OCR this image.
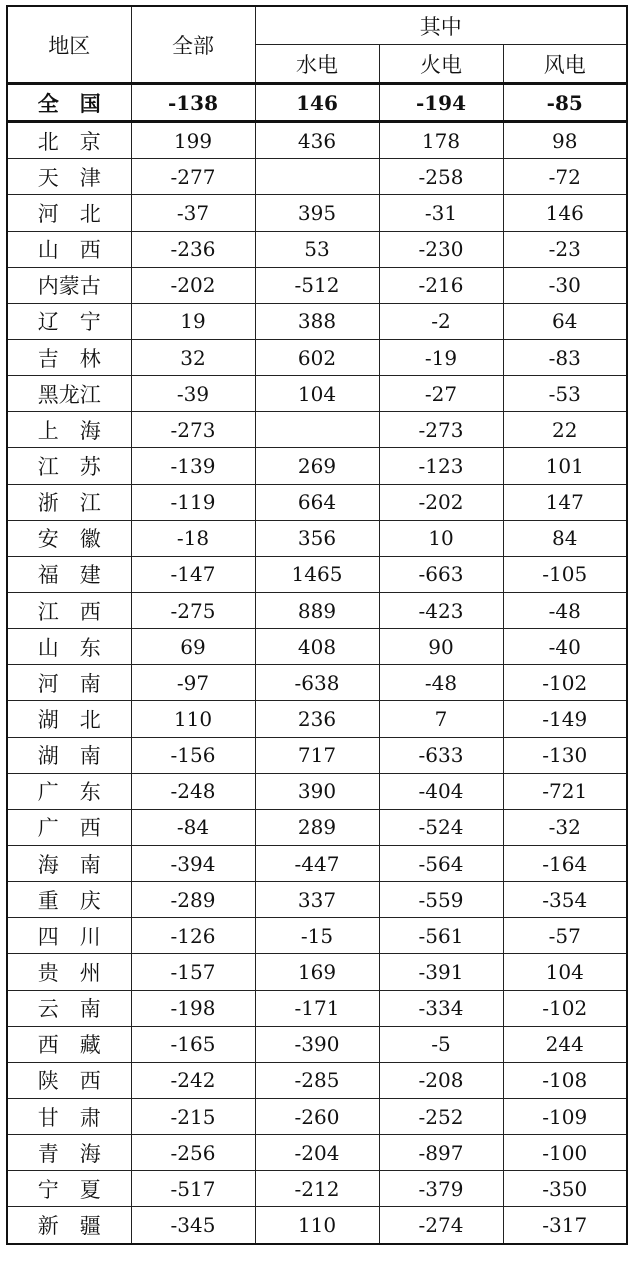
地区	全部	其中		
		水电	火电	风电
全　国	-138	146	-194	-85
北　京	199	436	178	98
天　津	-277		-258	-72
河　北	-37	395	-31	146
山　西	-236	53	-230	-23
内蒙古	-202	-512	-216	-30
辽　宁	19	388	-2	64
吉　林	32	602	-19	-83
黑龙江	-39	104	-27	-53
上　海	-273		-273	22
江　苏	-139	269	-123	101
浙　江	-119	664	-202	147
安　徽	-18	356	10	84
福　建	-147	1465	-663	-105
江　西	-275	889	-423	-48
山　东	69	408	90	-40
河　南	-97	-638	-48	-102
湖　北	110	236	7	-149
湖　南	-156	717	-633	-130
广　东	-248	390	-404	-721
广　西	-84	289	-524	-32
海　南	-394	-447	-564	-164
重　庆	-289	337	-559	-354
四　川	-126	-15	-561	-57
贵　州	-157	169	-391	104
云　南	-198	-171	-334	-102
西　藏	-165	-390	-5	244
陕　西	-242	-285	-208	-108
甘　肃	-215	-260	-252	-109
青　海	-256	-204	-897	-100
宁　夏	-517	-212	-379	-350
新　疆	-345	110	-274	-317
